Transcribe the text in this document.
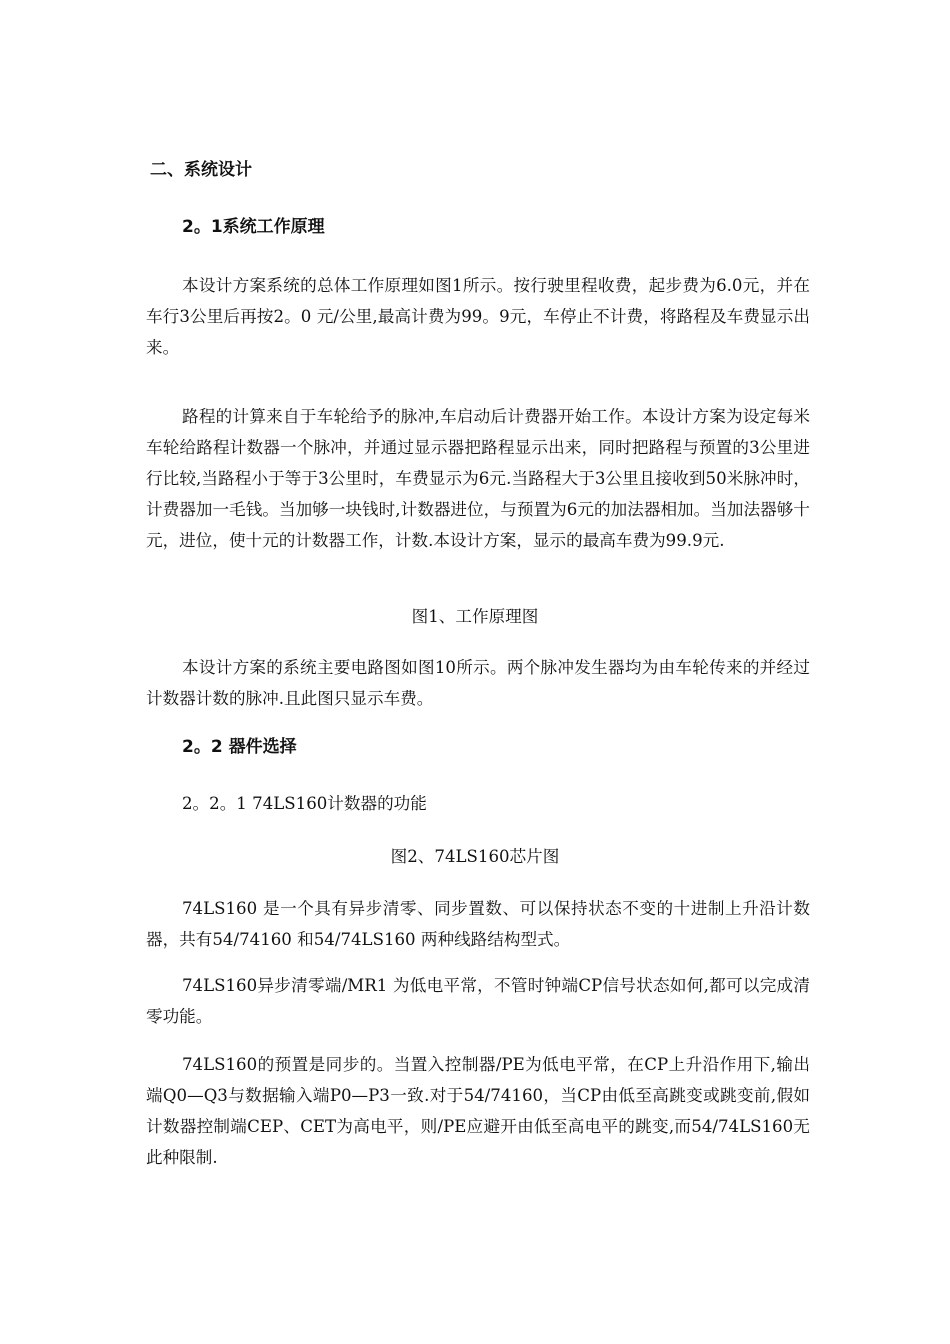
二、系统设计
2。1系统工作原理

本设计方案系统的总体工作原理如图1所示。按行驶里程收费，起步费为6.0元，并在车行3公里后再按2。0 元/公里,最高计费为99。9元，车停止不计费，将路程及车费显示出来。

路程的计算来自于车轮给予的脉冲,车启动后计费器开始工作。本设计方案为设定每米车轮给路程计数器一个脉冲，并通过显示器把路程显示出来，同时把路程与预置的3公里进行比较,当路程小于等于3公里时，车费显示为6元.当路程大于3公里且接收到50米脉冲时，计费器加一毛钱。当加够一块钱时,计数器进位，与预置为6元的加法器相加。当加法器够十元，进位，使十元的计数器工作，计数.本设计方案，显示的最高车费为99.9元.

图1、工作原理图

本设计方案的系统主要电路图如图10所示。两个脉冲发生器均为由车轮传来的并经过计数器计数的脉冲.且此图只显示车费。

2。2 器件选择

2。2。1 74LS160计数器的功能

图2、74LS160芯片图

74LS160 是一个具有异步清零、同步置数、可以保持状态不变的十进制上升沿计数器，共有54/74160 和54/74LS160 两种线路结构型式。

74LS160异步清零端/MR1 为低电平常，不管时钟端CP信号状态如何,都可以完成清零功能。

74LS160的预置是同步的。当置入控制器/PE为低电平常，在CP上升沿作用下,输出端Q0—Q3与数据输入端P0—P3一致.对于54/74160，当CP由低至高跳变或跳变前,假如计数器控制端CEP、CET为高电平，则/PE应避开由低至高电平的跳变,而54/74LS160无此种限制.
